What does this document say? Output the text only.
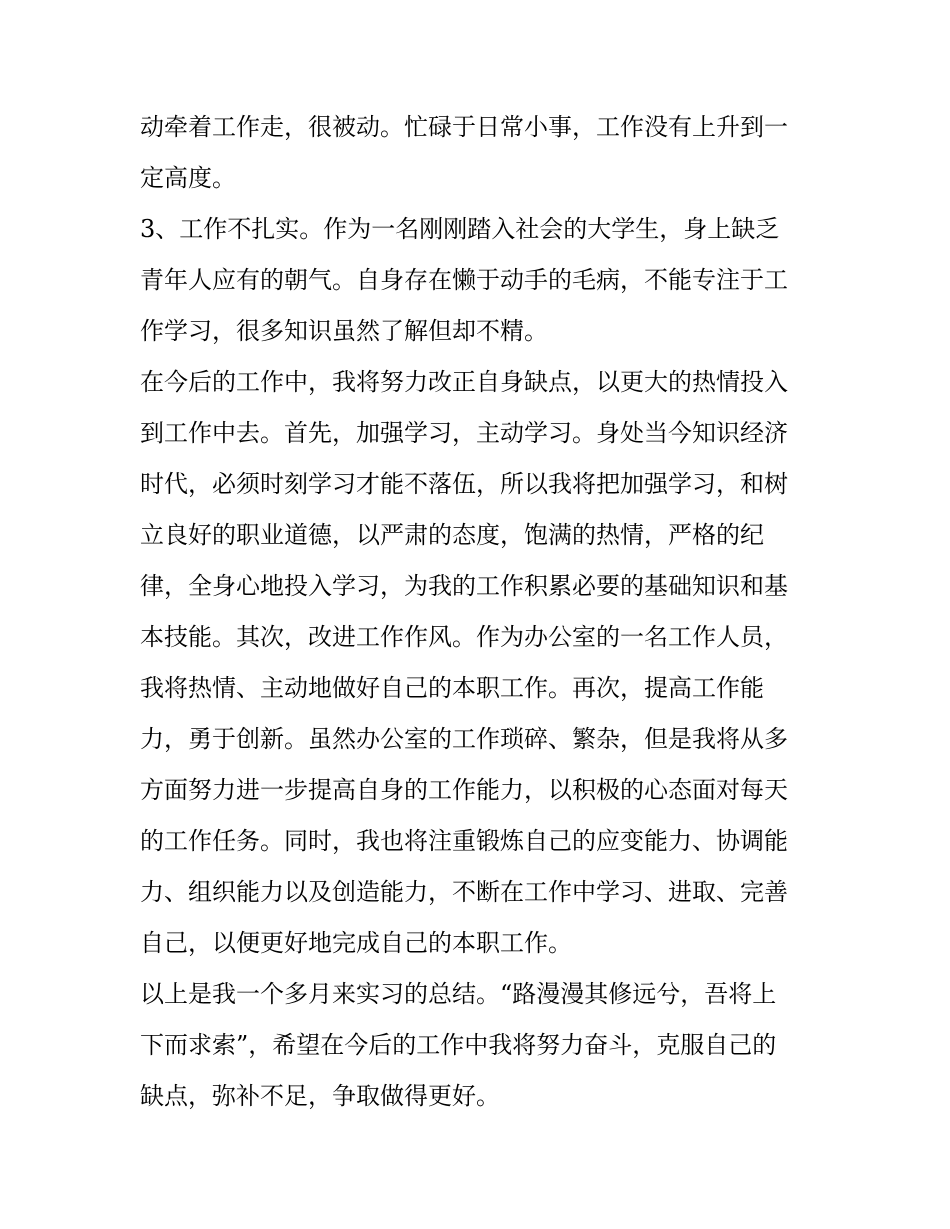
动牵着工作走，很被动。忙碌于日常小事，工作没有上升到一
定高度。
3、工作不扎实。作为一名刚刚踏入社会的大学生，身上缺乏
青年人应有的朝气。自身存在懒于动手的毛病，不能专注于工
作学习，很多知识虽然了解但却不精。
在今后的工作中，我将努力改正自身缺点，以更大的热情投入
到工作中去。首先，加强学习，主动学习。身处当今知识经济
时代，必须时刻学习才能不落伍，所以我将把加强学习，和树
立良好的职业道德，以严肃的态度，饱满的热情，严格的纪
律，全身心地投入学习，为我的工作积累必要的基础知识和基
本技能。其次，改进工作作风。作为办公室的一名工作人员，
我将热情、主动地做好自己的本职工作。再次，提高工作能
力，勇于创新。虽然办公室的工作琐碎、繁杂，但是我将从多
方面努力进一步提高自身的工作能力，以积极的心态面对每天
的工作任务。同时，我也将注重锻炼自己的应变能力、协调能
力、组织能力以及创造能力，不断在工作中学习、进取、完善
自己，以便更好地完成自己的本职工作。
以上是我一个多月来实习的总结。“路漫漫其修远兮，吾将上
下而求索”，希望在今后的工作中我将努力奋斗，克服自己的
缺点，弥补不足，争取做得更好。
